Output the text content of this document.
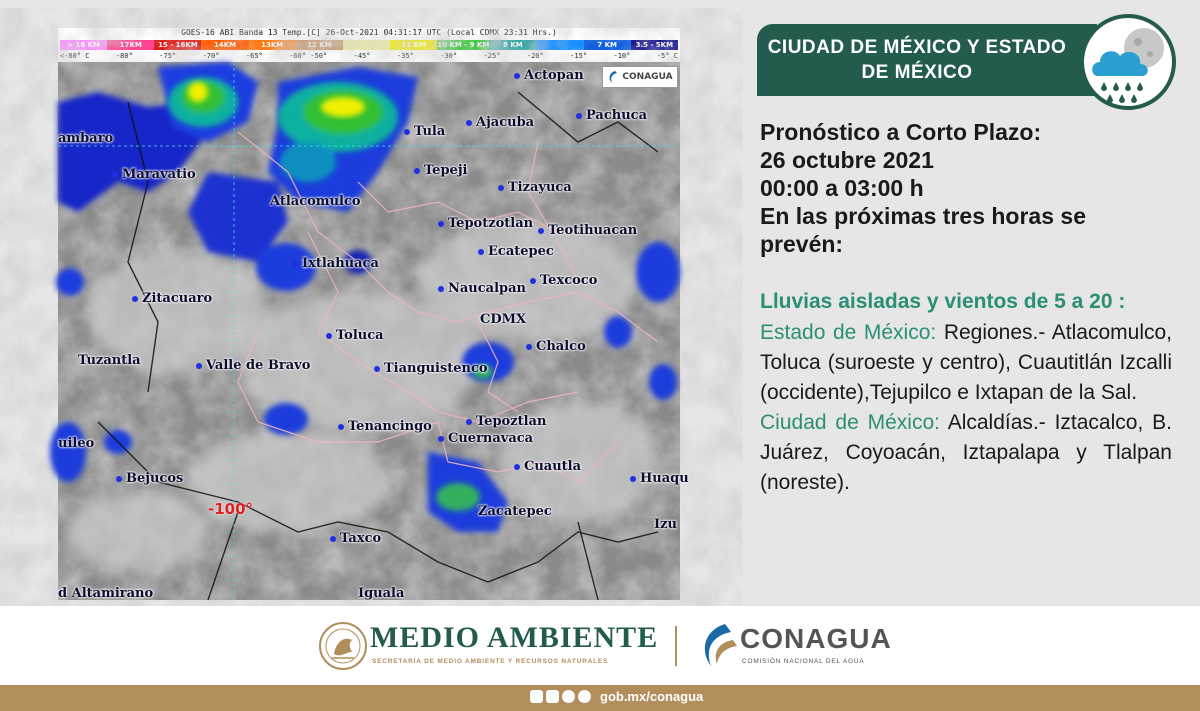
GOES-16 ABI Banda 13 Temp.[C] 26-Oct-2021 04:31:17 UTC (Local CDMX 23:31 Hrs.)
> 18 KM	17KM	15 - 16KM	14KM	13KM	12 KM	11 KM	10 KM - 9 KM	8 KM	7 KM	3.5 - 5KM
<-80° C	-80°	-75°	-70°	-65°	-60° -50°	-45°	-35°	-30°	-25°	-20°	-15°	-10°	-5° C
Actopan
Pachuca
ambaro	Tula
Ajacuba
Maravatio	Tepeji
Tizayuca
Atlacomulco
Tepotzotlan	Teotihuacan
Ecatepec
Ixtlahuaca
Texcoco
Zitacuaro
Naucalpan
CDMX
Toluca
Chalco
Tuzantla	Valle de Bravo	Tianguistenco
Tenancingo	Tepoztlan
uileo	Cuernavaca
Cuautla
Huaqu
Bejucos
Zacatepec
Izu
Taxco
d Altamirano	Iguala
-100°
CONAGUA
CIUDAD DE MÉXICO Y ESTADO DE MÉXICO

Pronóstico a Corto Plazo:

26 octubre 2021

00:00 a 03:00 h

En las próximas tres horas se prevén:

Lluvias aisladas y vientos de 5 a 20 :

Estado de México: Regiones.- Atlacomulco, Toluca (suroeste y centro), Cuautitlán Izcalli (occidente),Tejupilco e Ixtapan de la Sal.

Ciudad de México: Alcaldías.- Iztacalco, B. Juárez, Coyoacán, Iztapalapa y Tlalpan (noreste).

MEDIO AMBIENTE
SECRETARÍA DE MEDIO AMBIENTE Y RECURSOS NATURALES
CONAGUA
COMISIÓN NACIONAL DEL AGUA
gob.mx/conagua
